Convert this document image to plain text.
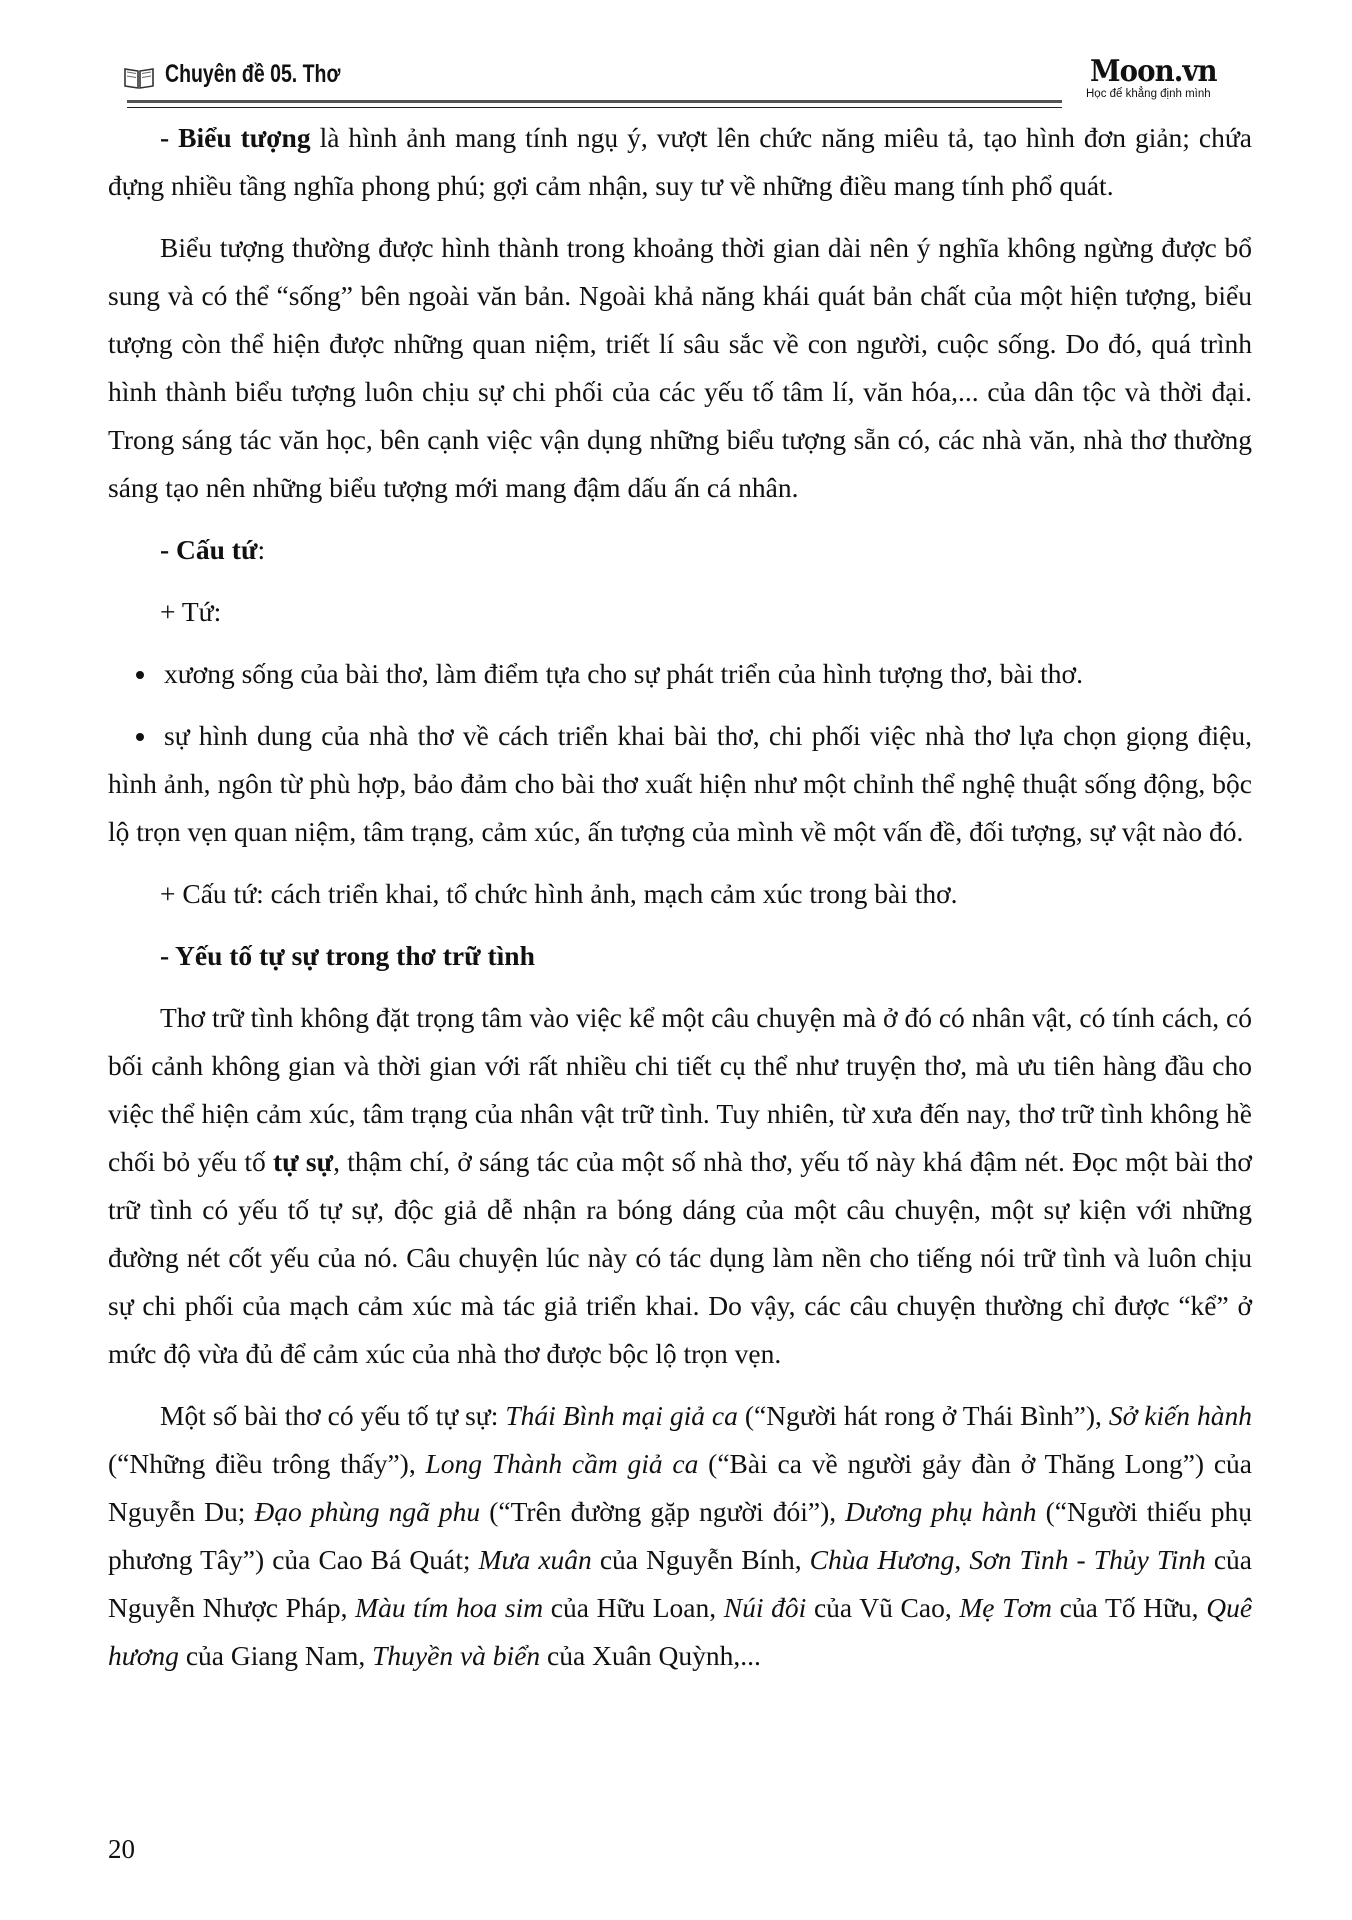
Chuyên đề 05. Thơ	Moon.vn
Học để khẳng định mình

- Biểu tượng là hình ảnh mang tính ngụ ý, vượt lên chức năng miêu tả, tạo hình đơn giản; chứa đựng nhiều tầng nghĩa phong phú; gợi cảm nhận, suy tư về những điều mang tính phổ quát.

Biểu tượng thường được hình thành trong khoảng thời gian dài nên ý nghĩa không ngừng được bổ sung và có thể “sống” bên ngoài văn bản. Ngoài khả năng khái quát bản chất của một hiện tượng, biểu tượng còn thể hiện được những quan niệm, triết lí sâu sắc về con người, cuộc sống. Do đó, quá trình hình thành biểu tượng luôn chịu sự chi phối của các yếu tố tâm lí, văn hóa,... của dân tộc và thời đại. Trong sáng tác văn học, bên cạnh việc vận dụng những biểu tượng sẵn có, các nhà văn, nhà thơ thường sáng tạo nên những biểu tượng mới mang đậm dấu ấn cá nhân.

- Cấu tứ:

+ Tứ:

xương sống của bài thơ, làm điểm tựa cho sự phát triển của hình tượng thơ, bài thơ.

sự hình dung của nhà thơ về cách triển khai bài thơ, chi phối việc nhà thơ lựa chọn giọng điệu, hình ảnh, ngôn từ phù hợp, bảo đảm cho bài thơ xuất hiện như một chỉnh thể nghệ thuật sống động, bộc lộ trọn vẹn quan niệm, tâm trạng, cảm xúc, ấn tượng của mình về một vấn đề, đối tượng, sự vật nào đó.

+ Cấu tứ: cách triển khai, tổ chức hình ảnh, mạch cảm xúc trong bài thơ.

- Yếu tố tự sự trong thơ trữ tình

Thơ trữ tình không đặt trọng tâm vào việc kể một câu chuyện mà ở đó có nhân vật, có tính cách, có bối cảnh không gian và thời gian với rất nhiều chi tiết cụ thể như truyện thơ, mà ưu tiên hàng đầu cho việc thể hiện cảm xúc, tâm trạng của nhân vật trữ tình. Tuy nhiên, từ xưa đến nay, thơ trữ tình không hề chối bỏ yếu tố tự sự, thậm chí, ở sáng tác của một số nhà thơ, yếu tố này khá đậm nét. Đọc một bài thơ trữ tình có yếu tố tự sự, độc giả dễ nhận ra bóng dáng của một câu chuyện, một sự kiện với những đường nét cốt yếu của nó. Câu chuyện lúc này có tác dụng làm nền cho tiếng nói trữ tình và luôn chịu sự chi phối của mạch cảm xúc mà tác giả triển khai. Do vậy, các câu chuyện thường chỉ được “kể” ở mức độ vừa đủ để cảm xúc của nhà thơ được bộc lộ trọn vẹn.

Một số bài thơ có yếu tố tự sự: Thái Bình mại giả ca (“Người hát rong ở Thái Bình”), Sở kiến hành (“Những điều trông thấy”), Long Thành cầm giả ca (“Bài ca về người gảy đàn ở Thăng Long”) của Nguyễn Du; Đạo phùng ngã phu (“Trên đường gặp người đói”), Dương phụ hành (“Người thiếu phụ phương Tây”) của Cao Bá Quát; Mưa xuân của Nguyễn Bính, Chùa Hương, Sơn Tinh - Thủy Tinh của Nguyễn Nhược Pháp, Màu tím hoa sim của Hữu Loan, Núi đôi của Vũ Cao, Mẹ Tơm của Tố Hữu, Quê hương của Giang Nam, Thuyền và biển của Xuân Quỳnh,...

20
